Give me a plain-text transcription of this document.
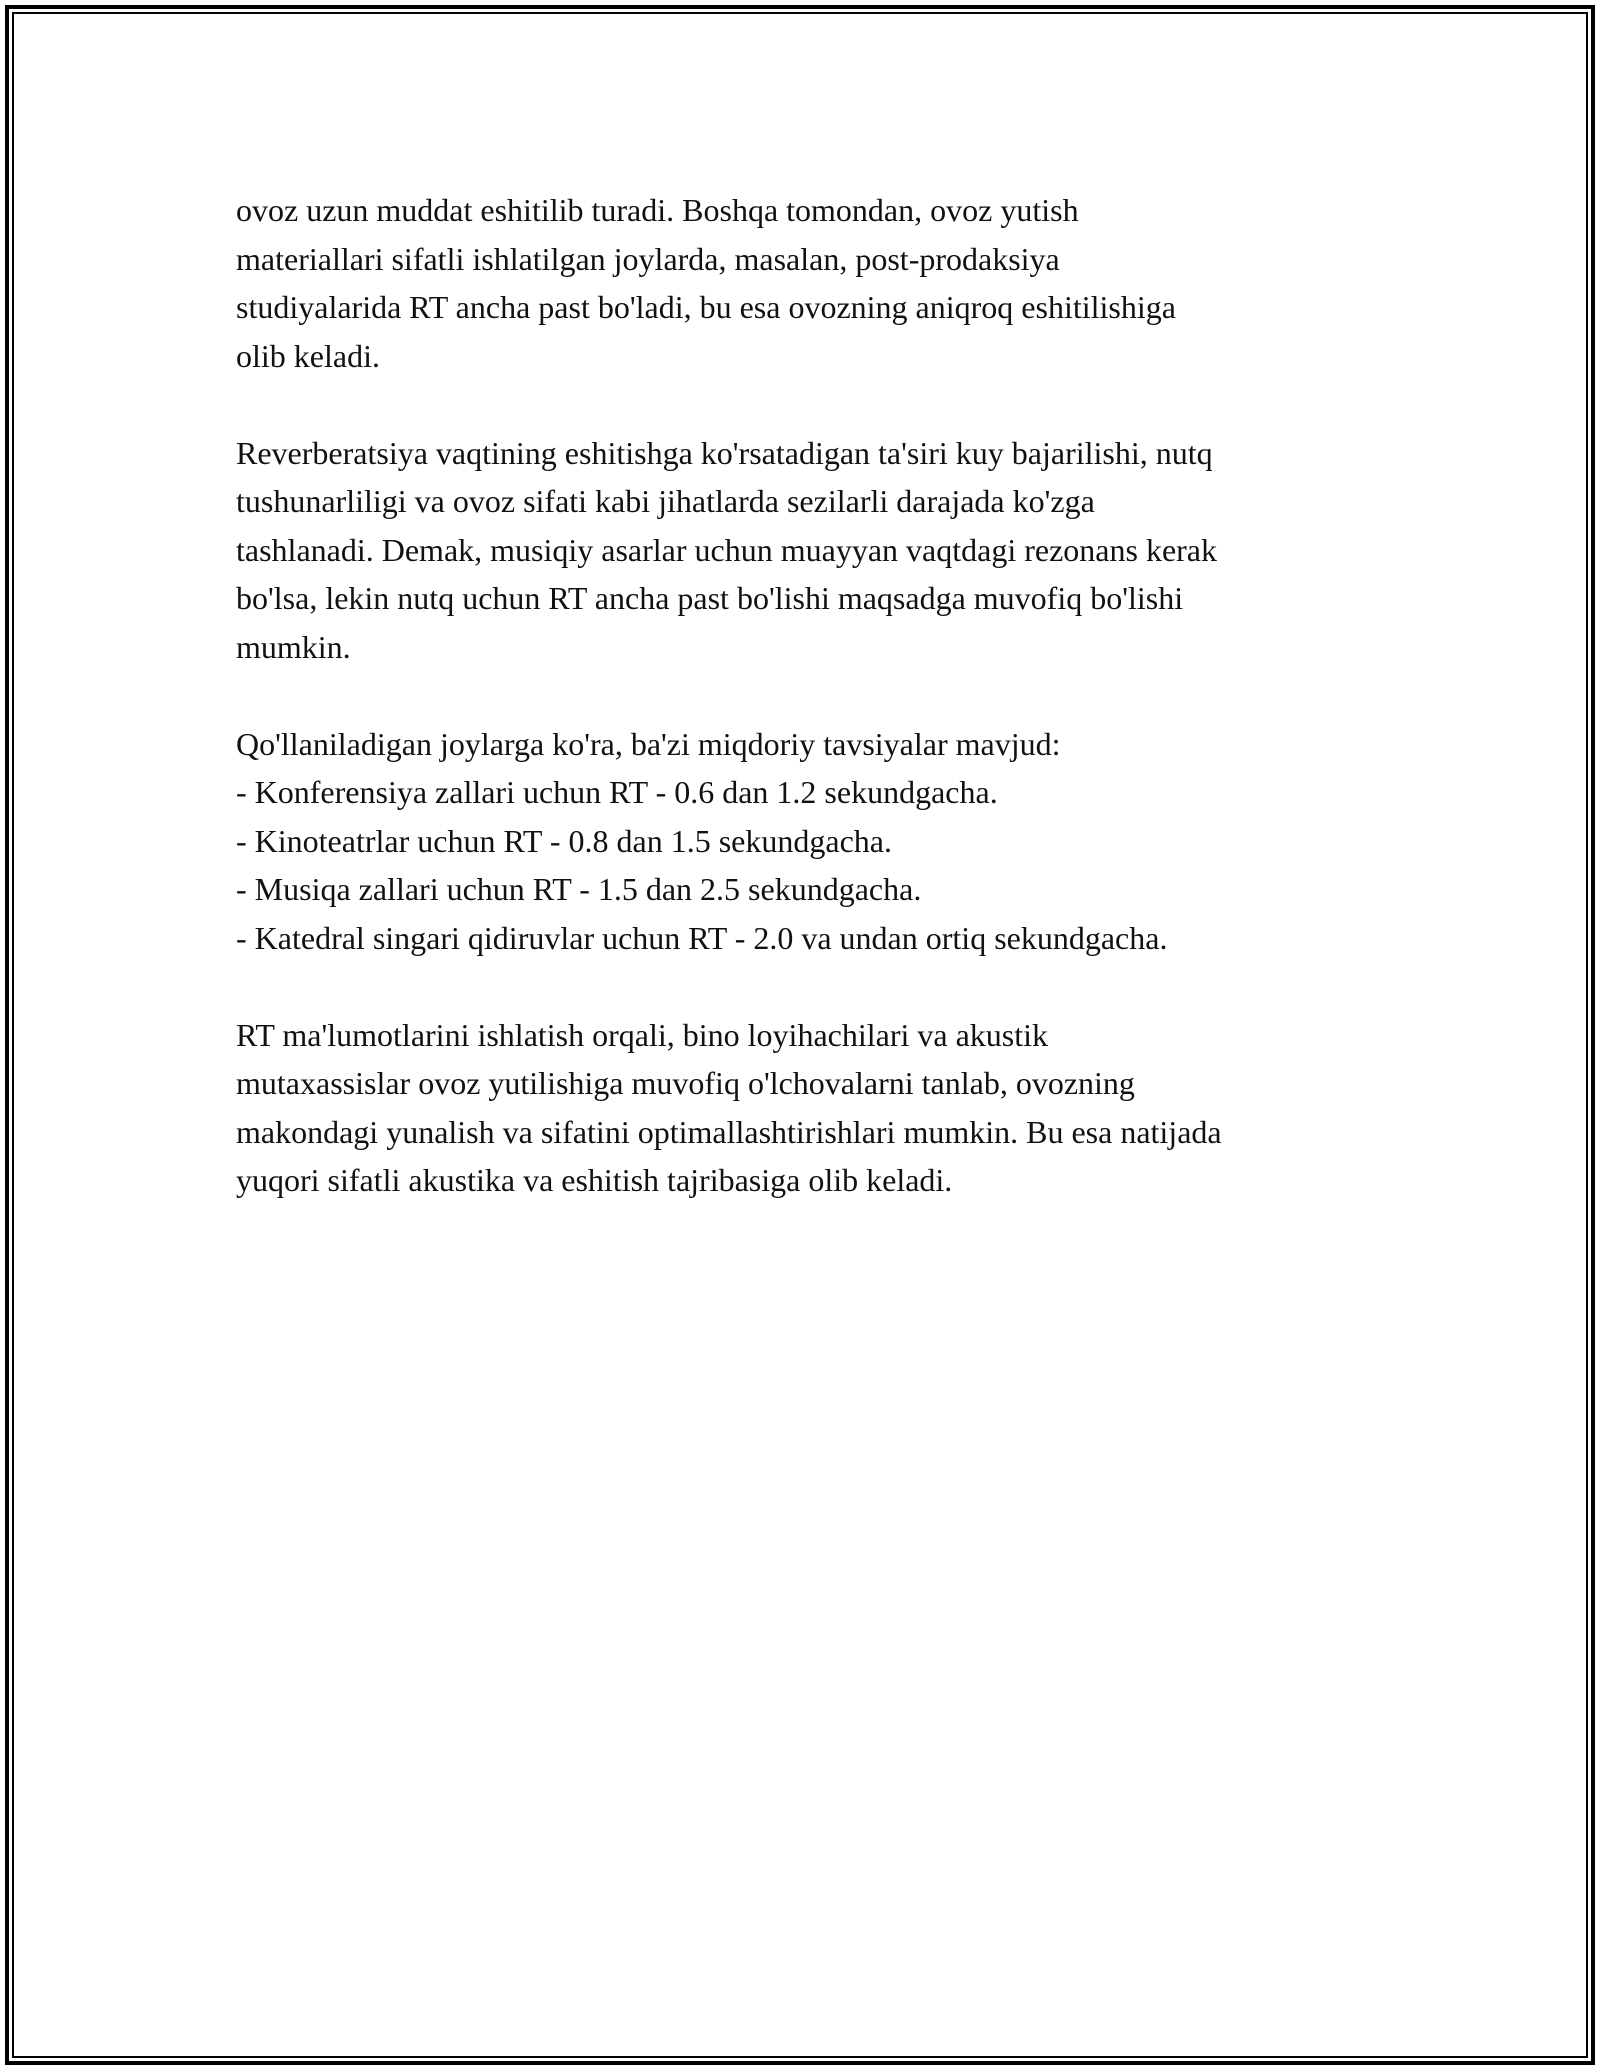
ovoz uzun muddat eshitilib turadi. Boshqa tomondan, ovoz yutish
materiallari sifatli ishlatilgan joylarda, masalan, post-prodaksiya
studiyalarida RT ancha past bo'ladi, bu esa ovozning aniqroq eshitilishiga
olib keladi.

Reverberatsiya vaqtining eshitishga ko'rsatadigan ta'siri kuy bajarilishi, nutq
tushunarliligi va ovoz sifati kabi jihatlarda sezilarli darajada ko'zga
tashlanadi. Demak, musiqiy asarlar uchun muayyan vaqtdagi rezonans kerak
bo'lsa, lekin nutq uchun RT ancha past bo'lishi maqsadga muvofiq bo'lishi
mumkin.

Qo'llaniladigan joylarga ko'ra, ba'zi miqdoriy tavsiyalar mavjud:

- Konferensiya zallari uchun RT - 0.6 dan 1.2 sekundgacha.
- Kinoteatrlar uchun RT - 0.8 dan 1.5 sekundgacha.
- Musiqa zallari uchun RT - 1.5 dan 2.5 sekundgacha.
- Katedral singari qidiruvlar uchun RT - 2.0 va undan ortiq sekundgacha.

RT ma'lumotlarini ishlatish orqali, bino loyihachilari va akustik
mutaxassislar ovoz yutilishiga muvofiq o'lchovalarni tanlab, ovozning
makondagi yunalish va sifatini optimallashtirishlari mumkin. Bu esa natijada
yuqori sifatli akustika va eshitish tajribasiga olib keladi.
